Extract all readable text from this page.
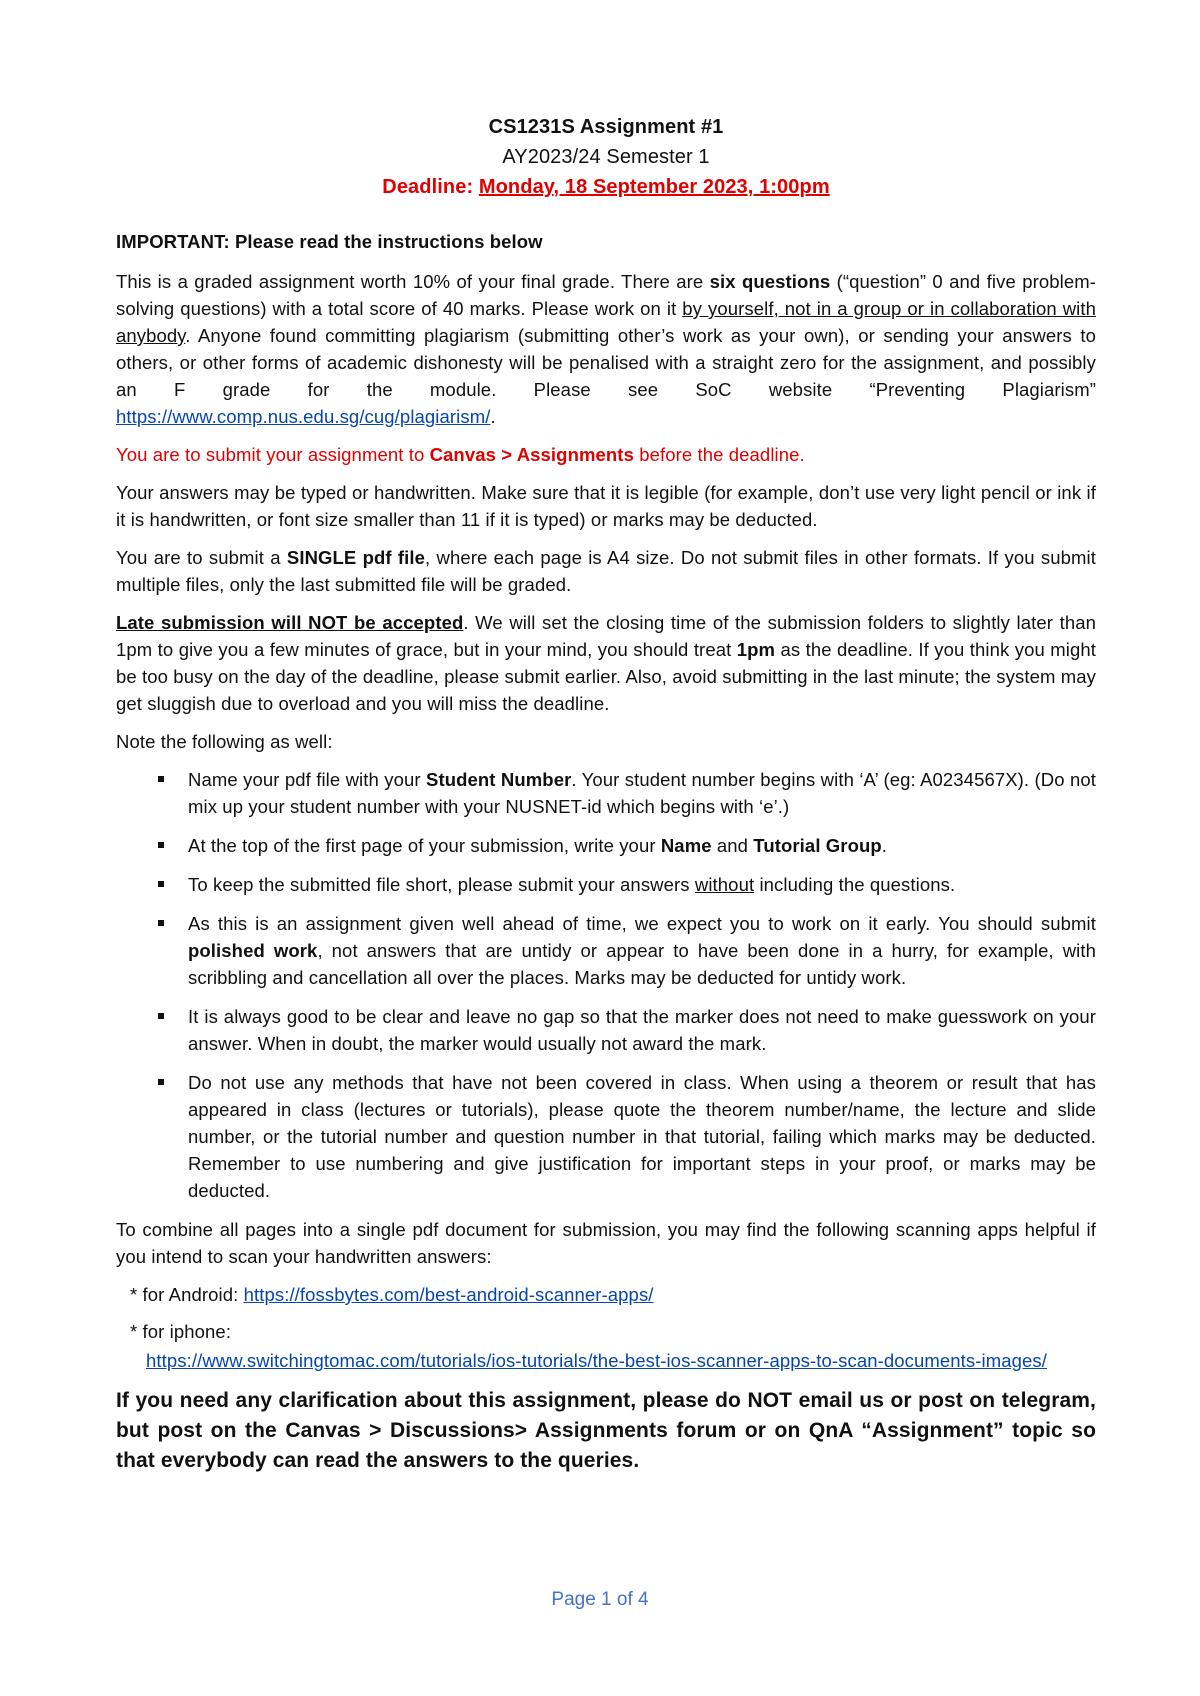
CS1231S Assignment #1
AY2023/24 Semester 1
Deadline: Monday, 18 September 2023, 1:00pm

IMPORTANT: Please read the instructions below

This is a graded assignment worth 10% of your final grade. There are six questions (“question” 0 and five problem-solving questions) with a total score of 40 marks. Please work on it by yourself, not in a group or in collaboration with anybody. Anyone found committing plagiarism (submitting other’s work as your own), or sending your answers to others, or other forms of academic dishonesty will be penalised with a straight zero for the assignment, and possibly an F grade for the module. Please see SoC website “Preventing Plagiarism” https://www.comp.nus.edu.sg/cug/plagiarism/.

You are to submit your assignment to Canvas > Assignments before the deadline.

Your answers may be typed or handwritten. Make sure that it is legible (for example, don’t use very light pencil or ink if it is handwritten, or font size smaller than 11 if it is typed) or marks may be deducted.

You are to submit a SINGLE pdf file, where each page is A4 size. Do not submit files in other formats. If you submit multiple files, only the last submitted file will be graded.

Late submission will NOT be accepted. We will set the closing time of the submission folders to slightly later than 1pm to give you a few minutes of grace, but in your mind, you should treat 1pm as the deadline. If you think you might be too busy on the day of the deadline, please submit earlier. Also, avoid submitting in the last minute; the system may get sluggish due to overload and you will miss the deadline.

Note the following as well:

Name your pdf file with your Student Number. Your student number begins with ‘A’ (eg: A0234567X). (Do not mix up your student number with your NUSNET-id which begins with ‘e’.)
At the top of the first page of your submission, write your Name and Tutorial Group.
To keep the submitted file short, please submit your answers without including the questions.
As this is an assignment given well ahead of time, we expect you to work on it early. You should submit polished work, not answers that are untidy or appear to have been done in a hurry, for example, with scribbling and cancellation all over the places. Marks may be deducted for untidy work.
It is always good to be clear and leave no gap so that the marker does not need to make guesswork on your answer. When in doubt, the marker would usually not award the mark.
Do not use any methods that have not been covered in class. When using a theorem or result that has appeared in class (lectures or tutorials), please quote the theorem number/name, the lecture and slide number, or the tutorial number and question number in that tutorial, failing which marks may be deducted. Remember to use numbering and give justification for important steps in your proof, or marks may be deducted.

To combine all pages into a single pdf document for submission, you may find the following scanning apps helpful if you intend to scan your handwritten answers:

* for Android: https://fossbytes.com/best-android-scanner-apps/
* for iphone:
https://www.switchingtomac.com/tutorials/ios-tutorials/the-best-ios-scanner-apps-to-scan-documents-images/
If you need any clarification about this assignment, please do NOT email us or post on telegram, but post on the Canvas > Discussions> Assignments forum or on QnA “Assignment” topic so that everybody can read the answers to the queries.
Page 1 of 4
